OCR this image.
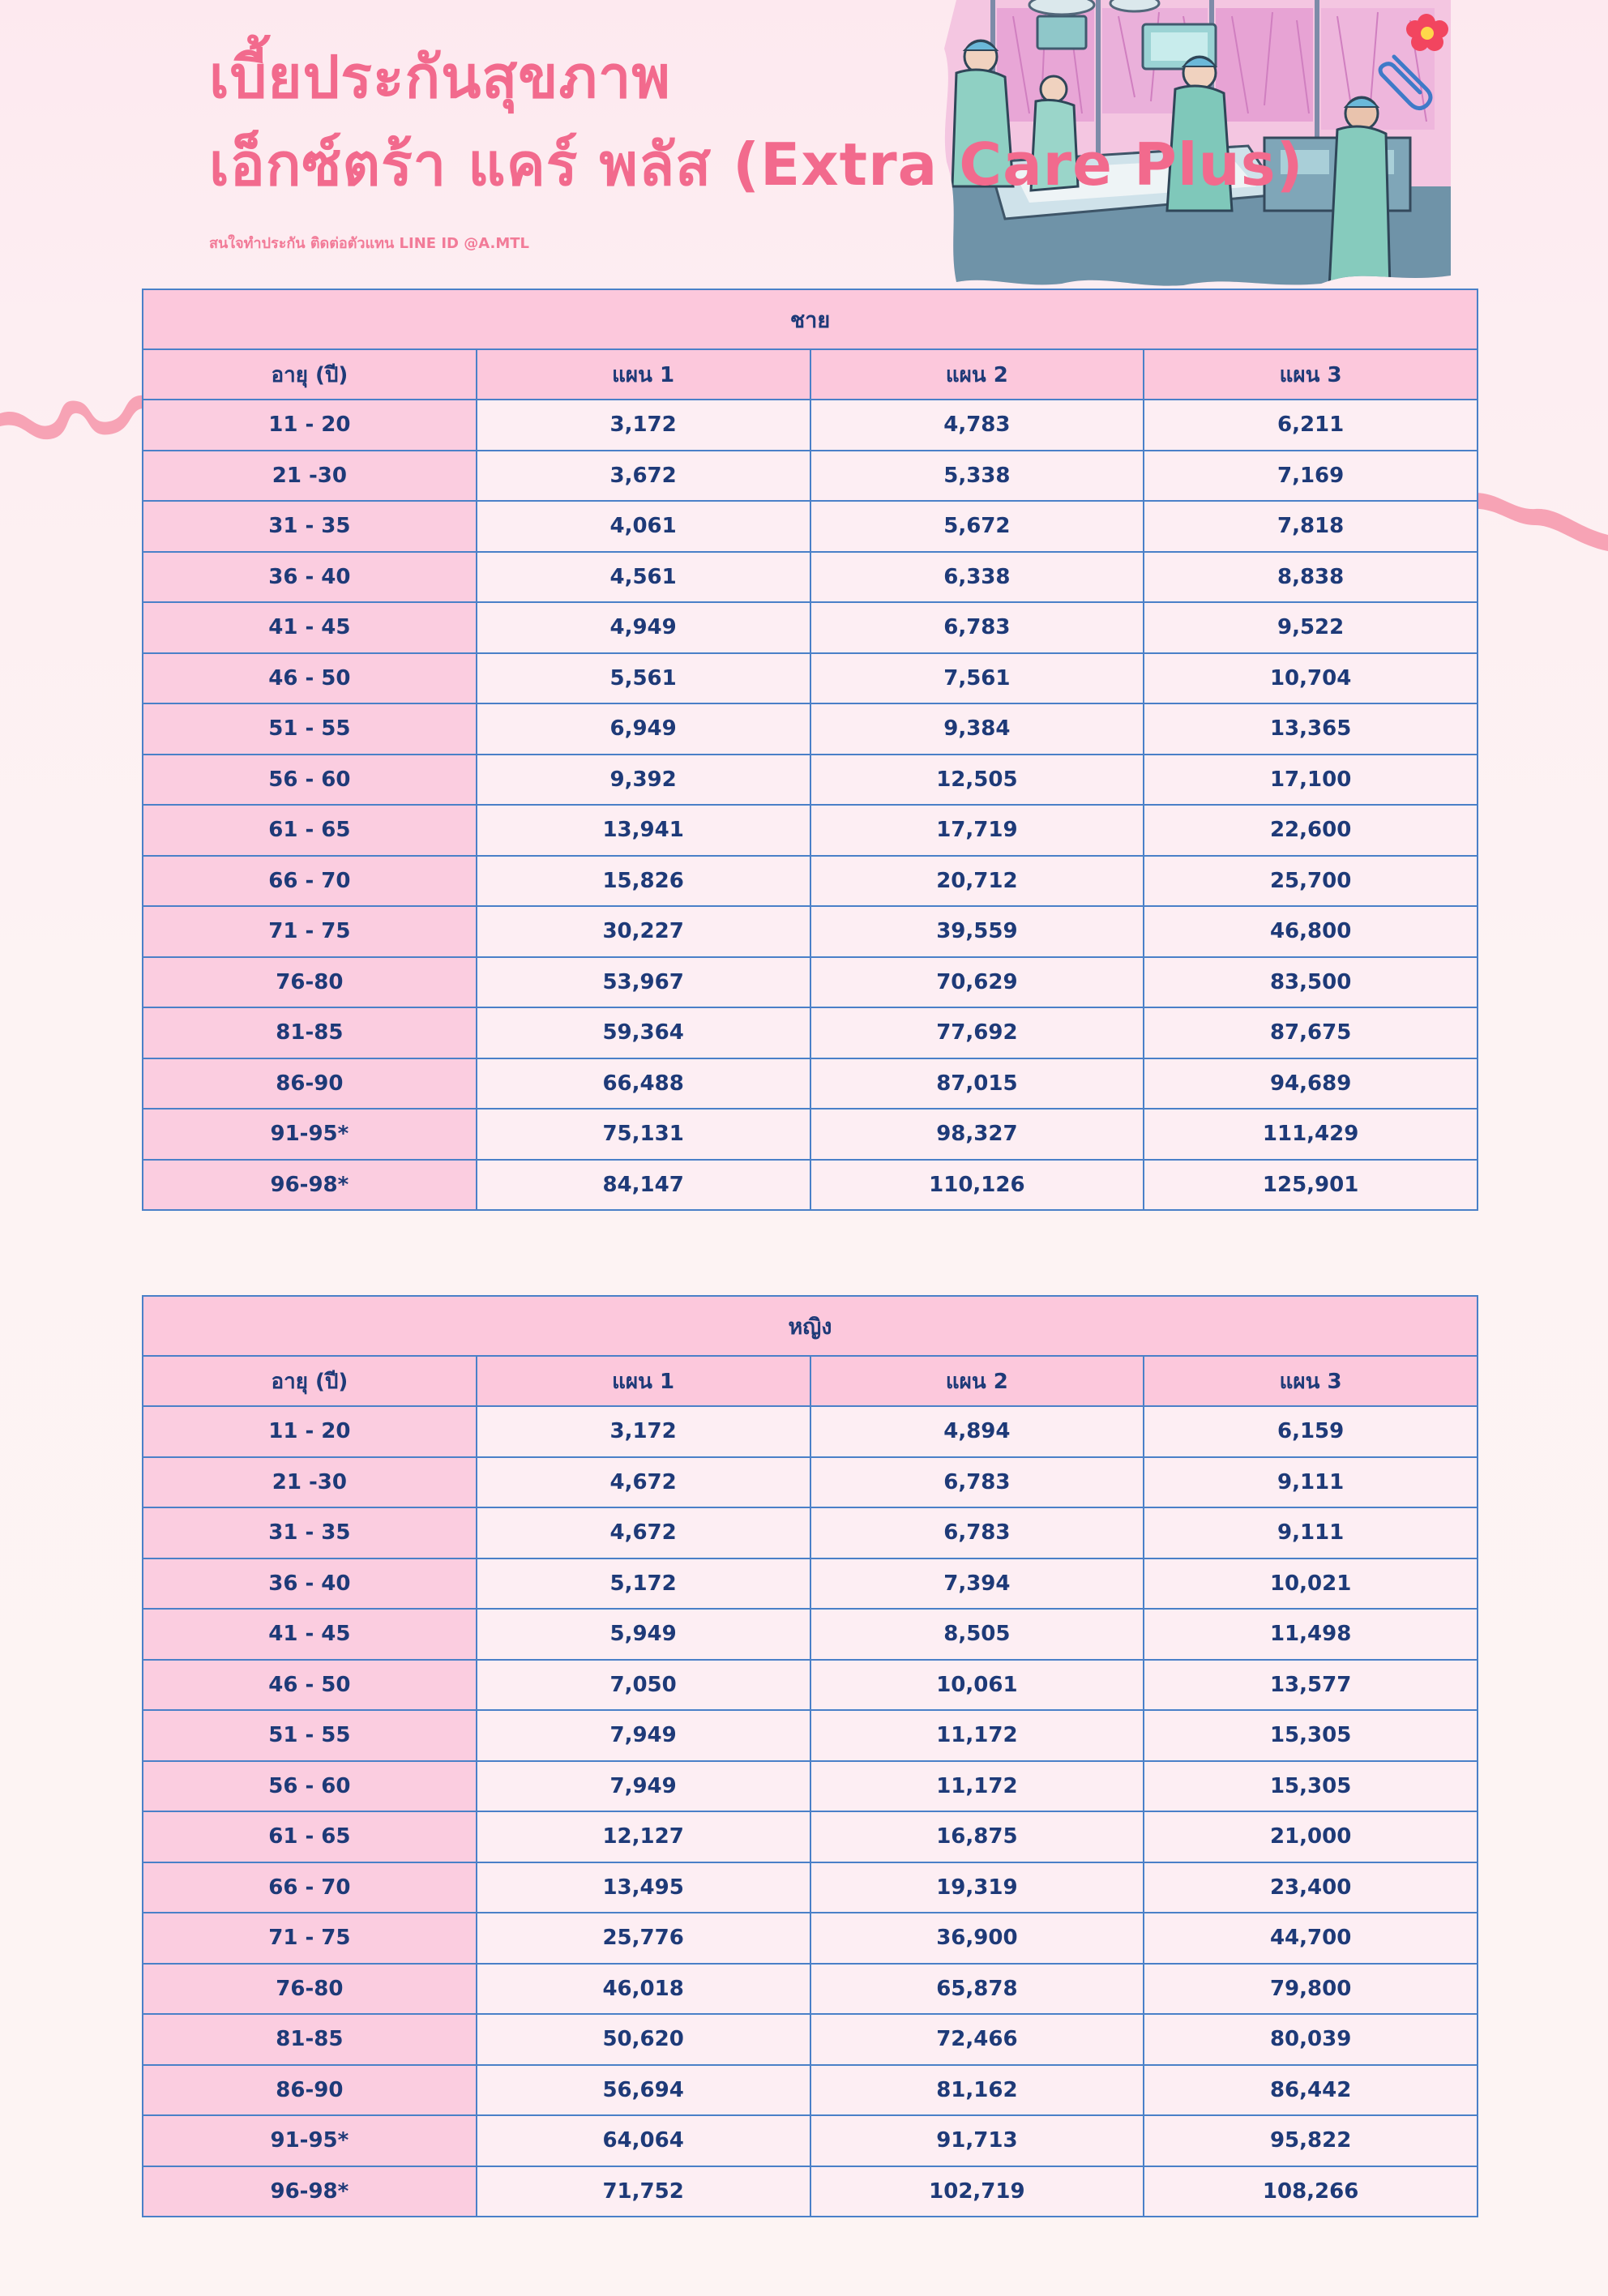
เบี้ยประกันสุขภาพ
เอ็กซ์ตร้า แคร์ พลัส (Extra Care Plus)
สนใจทำประกัน ติดต่อตัวแทน LINE ID @A.MTL
ชาย			
อายุ (ปี)	แผน 1	แผน 2	แผน 3
11 - 20	3,172	4,783	6,211
21 -30	3,672	5,338	7,169
31 - 35	4,061	5,672	7,818
36 - 40	4,561	6,338	8,838
41 - 45	4,949	6,783	9,522
46 - 50	5,561	7,561	10,704
51 - 55	6,949	9,384	13,365
56 - 60	9,392	12,505	17,100
61 - 65	13,941	17,719	22,600
66 - 70	15,826	20,712	25,700
71 - 75	30,227	39,559	46,800
76-80	53,967	70,629	83,500
81-85	59,364	77,692	87,675
86-90	66,488	87,015	94,689
91-95*	75,131	98,327	111,429
96-98*	84,147	110,126	125,901
หญิง			
อายุ (ปี)	แผน 1	แผน 2	แผน 3
11 - 20	3,172	4,894	6,159
21 -30	4,672	6,783	9,111
31 - 35	4,672	6,783	9,111
36 - 40	5,172	7,394	10,021
41 - 45	5,949	8,505	11,498
46 - 50	7,050	10,061	13,577
51 - 55	7,949	11,172	15,305
56 - 60	7,949	11,172	15,305
61 - 65	12,127	16,875	21,000
66 - 70	13,495	19,319	23,400
71 - 75	25,776	36,900	44,700
76-80	46,018	65,878	79,800
81-85	50,620	72,466	80,039
86-90	56,694	81,162	86,442
91-95*	64,064	91,713	95,822
96-98*	71,752	102,719	108,266
